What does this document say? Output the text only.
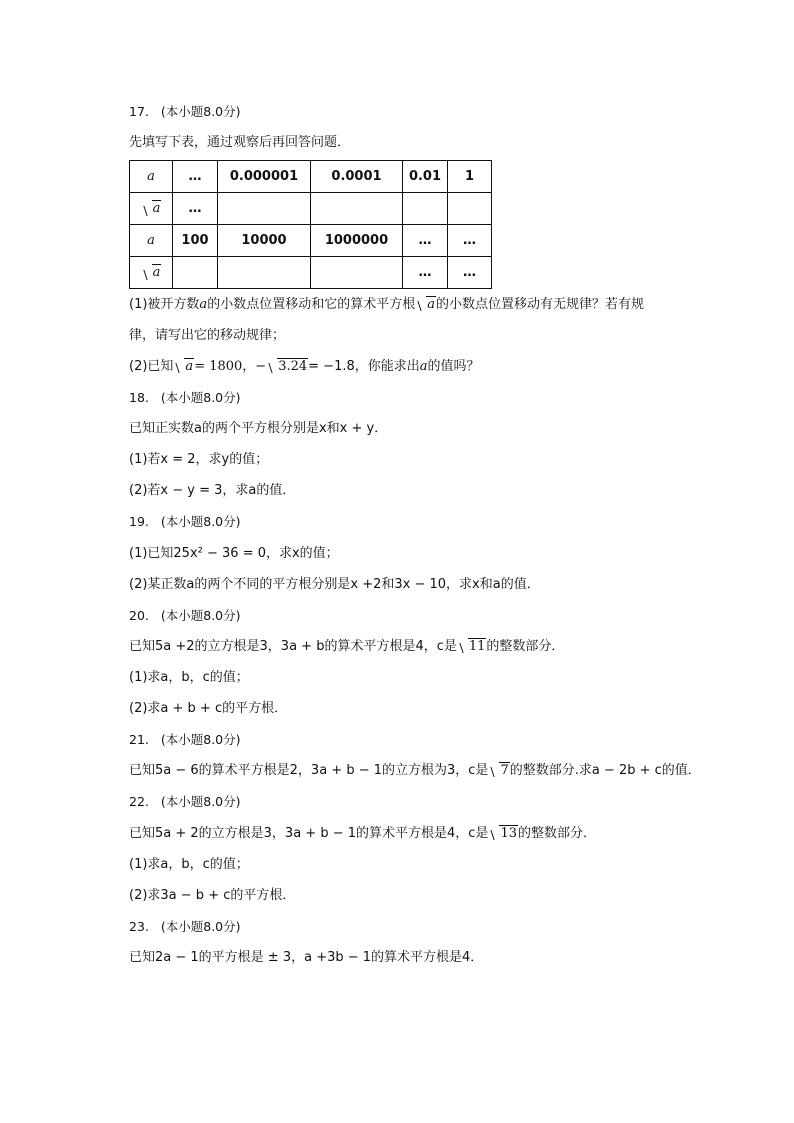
17. (本小题8.0分)
先填写下表，通过观察后再回答问题．
a	…	0.000001	0.0001	0.01	1
a	…				
a	100	10000	1000000	…	…
a				…	…
(1)被开方数a的小数点位置移动和它的算术平方根 a的小数点位置移动有无规律？若有规
律，请写出它的移动规律；
(2)已知 a= 1800，− 3.24= −1.8，你能求出a的值吗？
18. (本小题8.0分)
已知正实数a的两个平方根分别是x和x + y．
(1)若x = 2，求y的值；
(2)若x − y = 3，求a的值．
19. (本小题8.0分)
(1)已知25x² − 36 = 0，求x的值；
(2)某正数a的两个不同的平方根分别是x +2和3x − 10，求x和a的值．
20. (本小题8.0分)
已知5a +2的立方根是3，3a + b的算术平方根是4，c是 11的整数部分．
(1)求a，b，c的值；
(2)求a + b + c的平方根．
21. (本小题8.0分)
已知5a − 6的算术平方根是2，3a + b − 1的立方根为3，c是 7的整数部分.求a − 2b + c的值．
22. (本小题8.0分)
已知5a + 2的立方根是3，3a + b − 1的算术平方根是4，c是 13的整数部分．
(1)求a，b，c的值；
(2)求3a − b + c的平方根．
23. (本小题8.0分)
已知2a − 1的平方根是 ± 3，a +3b − 1的算术平方根是4．
